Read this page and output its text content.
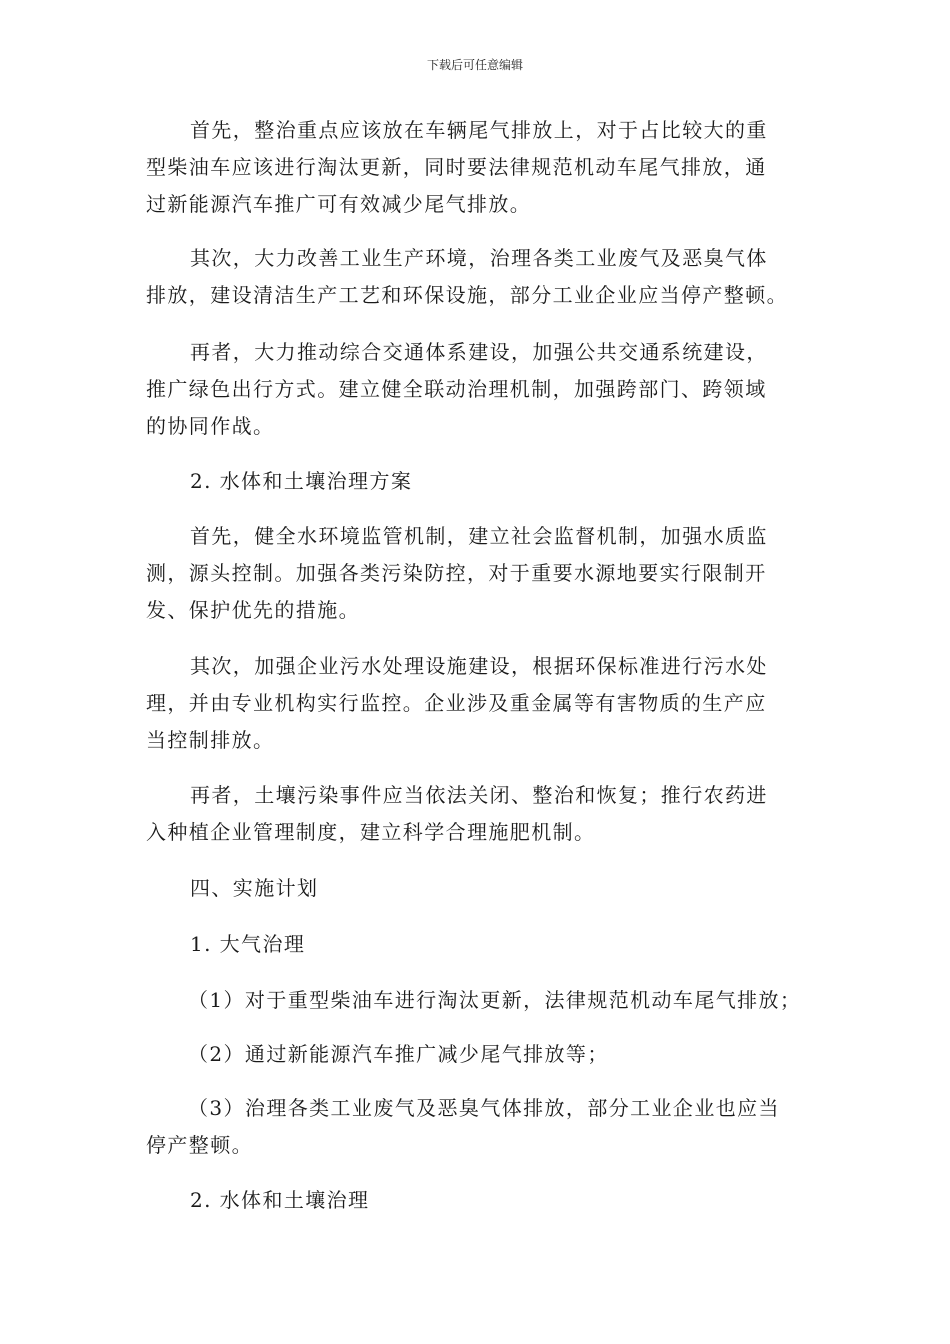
下载后可任意编辑
首先，整治重点应该放在车辆尾气排放上，对于占比较大的重
型柴油车应该进行淘汰更新，同时要法律规范机动车尾气排放，通
过新能源汽车推广可有效减少尾气排放。
其次，大力改善工业生产环境，治理各类工业废气及恶臭气体
排放，建设清洁生产工艺和环保设施，部分工业企业应当停产整顿。
再者，大力推动综合交通体系建设，加强公共交通系统建设，
推广绿色出行方式。建立健全联动治理机制，加强跨部门、跨领域
的协同作战。
2. 水体和土壤治理方案
首先，健全水环境监管机制，建立社会监督机制，加强水质监
测，源头控制。加强各类污染防控，对于重要水源地要实行限制开
发、保护优先的措施。
其次，加强企业污水处理设施建设，根据环保标准进行污水处
理，并由专业机构实行监控。企业涉及重金属等有害物质的生产应
当控制排放。
再者，土壤污染事件应当依法关闭、整治和恢复；推行农药进
入种植企业管理制度，建立科学合理施肥机制。
四、实施计划
1. 大气治理
（1）对于重型柴油车进行淘汰更新，法律规范机动车尾气排放；
（2）通过新能源汽车推广减少尾气排放等；
（3）治理各类工业废气及恶臭气体排放，部分工业企业也应当
停产整顿。
2. 水体和土壤治理
